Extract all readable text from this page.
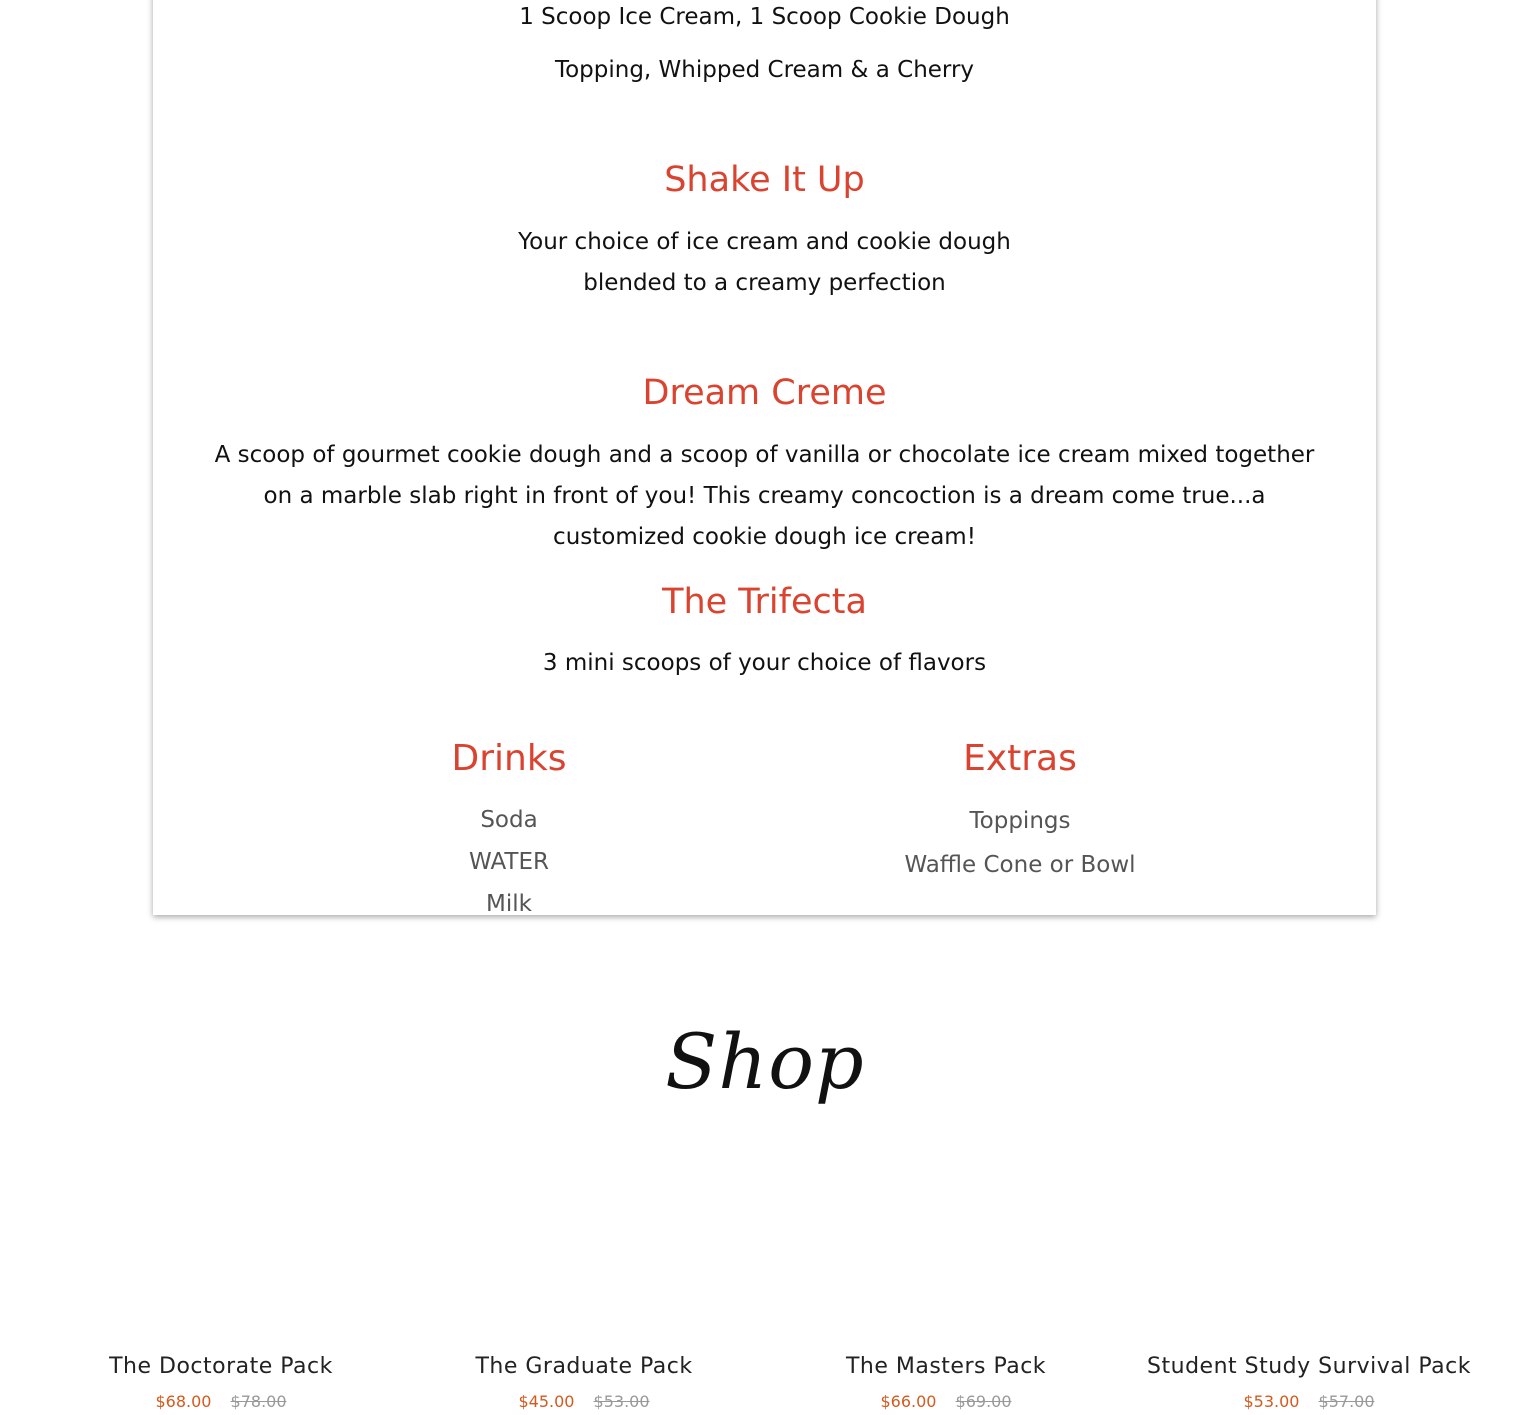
1 Scoop Ice Cream, 1 Scoop Cookie Dough
Topping, Whipped Cream & a Cherry
Shake It Up
Your choice of ice cream and cookie dough
blended to a creamy perfection
Dream Creme
A scoop of gourmet cookie dough and a scoop of vanilla or chocolate ice cream mixed together
on a marble slab right in front of you! This creamy concoction is a dream come true...a
customized cookie dough ice cream!
The Trifecta
3 mini scoops of your choice of flavors
Drinks
Soda
WATER
Milk
Extras
Toppings
Waffle Cone or Bowl
Shop
The Doctorate Pack
$68.00 $78.00
The Graduate Pack
$45.00 $53.00
The Masters Pack
$66.00 $69.00
Student Study Survival Pack
$53.00 $57.00
